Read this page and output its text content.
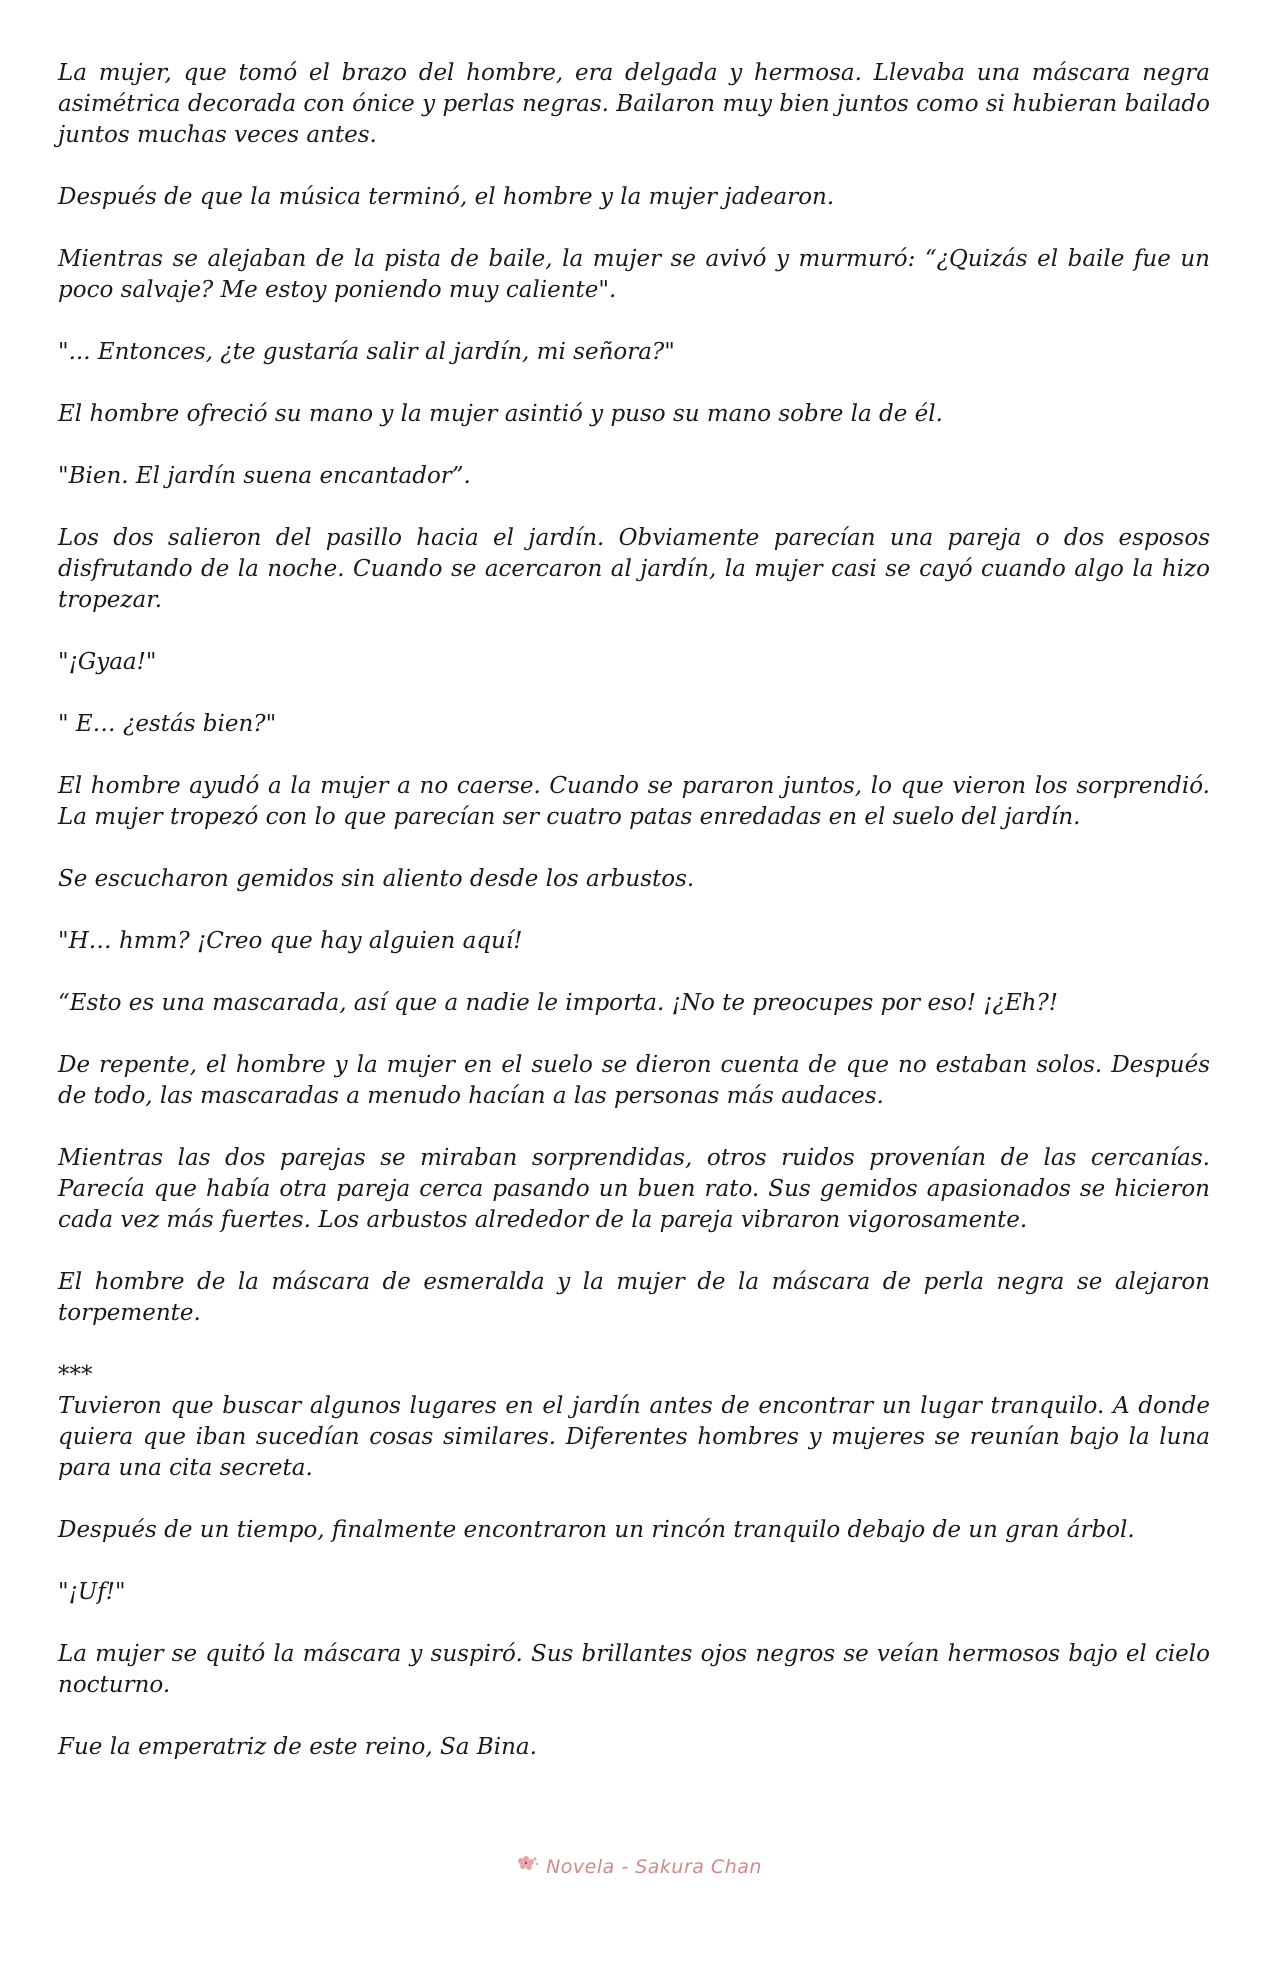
La mujer, que tomó el brazo del hombre, era delgada y hermosa. Llevaba una máscara negra asimétrica decorada con ónice y perlas negras. Bailaron muy bien juntos como si hubieran bailado juntos muchas veces antes.

Después de que la música terminó, el hombre y la mujer jadearon.

Mientras se alejaban de la pista de baile, la mujer se avivó y murmuró: “¿Quizás el baile fue un poco salvaje? Me estoy poniendo muy caliente".

"... Entonces, ¿te gustaría salir al jardín, mi señora?"

El hombre ofreció su mano y la mujer asintió y puso su mano sobre la de él.

"Bien. El jardín suena encantador”.

Los dos salieron del pasillo hacia el jardín. Obviamente parecían una pareja o dos esposos disfrutando de la noche. Cuando se acercaron al jardín, la mujer casi se cayó cuando algo la hizo tropezar.

"¡Gyaa!"

" E… ¿estás bien?"

El hombre ayudó a la mujer a no caerse. Cuando se pararon juntos, lo que vieron los sorprendió. La mujer tropezó con lo que parecían ser cuatro patas enredadas en el suelo del jardín.

Se escucharon gemidos sin aliento desde los arbustos.

"H… hmm? ¡Creo que hay alguien aquí!

“Esto es una mascarada, así que a nadie le importa. ¡No te preocupes por eso! ¡¿Eh?!

De repente, el hombre y la mujer en el suelo se dieron cuenta de que no estaban solos. Después de todo, las mascaradas a menudo hacían a las personas más audaces.

Mientras las dos parejas se miraban sorprendidas, otros ruidos provenían de las cercanías. Parecía que había otra pareja cerca pasando un buen rato. Sus gemidos apasionados se hicieron cada vez más fuertes. Los arbustos alrededor de la pareja vibraron vigorosamente.

El hombre de la máscara de esmeralda y la mujer de la máscara de perla negra se alejaron torpemente.

***

Tuvieron que buscar algunos lugares en el jardín antes de encontrar un lugar tranquilo. A donde quiera que iban sucedían cosas similares. Diferentes hombres y mujeres se reunían bajo la luna para una cita secreta.

Después de un tiempo, finalmente encontraron un rincón tranquilo debajo de un gran árbol.

"¡Uf!"

La mujer se quitó la máscara y suspiró. Sus brillantes ojos negros se veían hermosos bajo el cielo nocturno.

Fue la emperatriz de este reino, Sa Bina.

Novela - Sakura Chan
